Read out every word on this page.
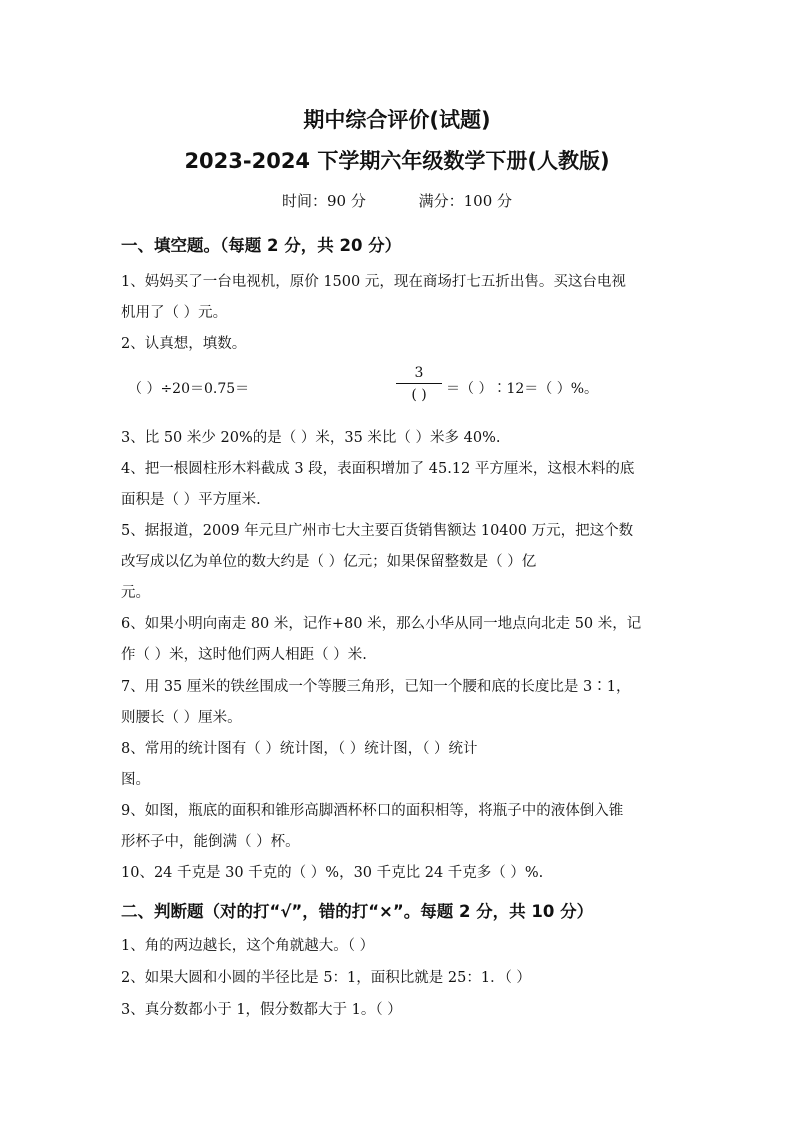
期中综合评价(试题)
2023-2024 下学期六年级数学下册(人教版)
时间：90 分	满分：100 分
一、填空题。（每题 2 分，共 20 分）
1、妈妈买了一台电视机，原价 1500 元，现在商场打七五折出售。买这台电视
机用了（ ）元。
2、认真想，填数。
（ ）÷20＝0.75＝
3
( )	＝（ ）∶12＝（ ）%。
3、比 50 米少 20%的是（ ）米，35 米比（ ）米多 40%.
4、把一根圆柱形木料截成 3 段，表面积增加了 45.12 平方厘米，这根木料的底
面积是（ ）平方厘米.
5、据报道，2009 年元旦广州市七大主要百货销售额达 10400 万元，把这个数
改写成以亿为单位的数大约是（ ）亿元；如果保留整数是（ ）亿
元。
6、如果小明向南走 80 米，记作+80 米，那么小华从同一地点向北走 50 米，记
作（ ）米，这时他们两人相距（ ）米.
7、用 35 厘米的铁丝围成一个等腰三角形，已知一个腰和底的长度比是 3∶1，
则腰长（ ）厘米。
8、常用的统计图有（ ）统计图，（ ）统计图，（ ）统计
图。
9、如图，瓶底的面积和锥形高脚酒杯杯口的面积相等，将瓶子中的液体倒入锥
形杯子中，能倒满（ ）杯。
10、24 千克是 30 千克的（ ）%，30 千克比 24 千克多（ ）%.
二、判断题（对的打“√”，错的打“×”。每题 2 分，共 10 分）
1、角的两边越长，这个角就越大。（ ）
2、如果大圆和小圆的半径比是 5：1，面积比就是 25：1．（ ）
3、真分数都小于 1，假分数都大于 1。（ ）
